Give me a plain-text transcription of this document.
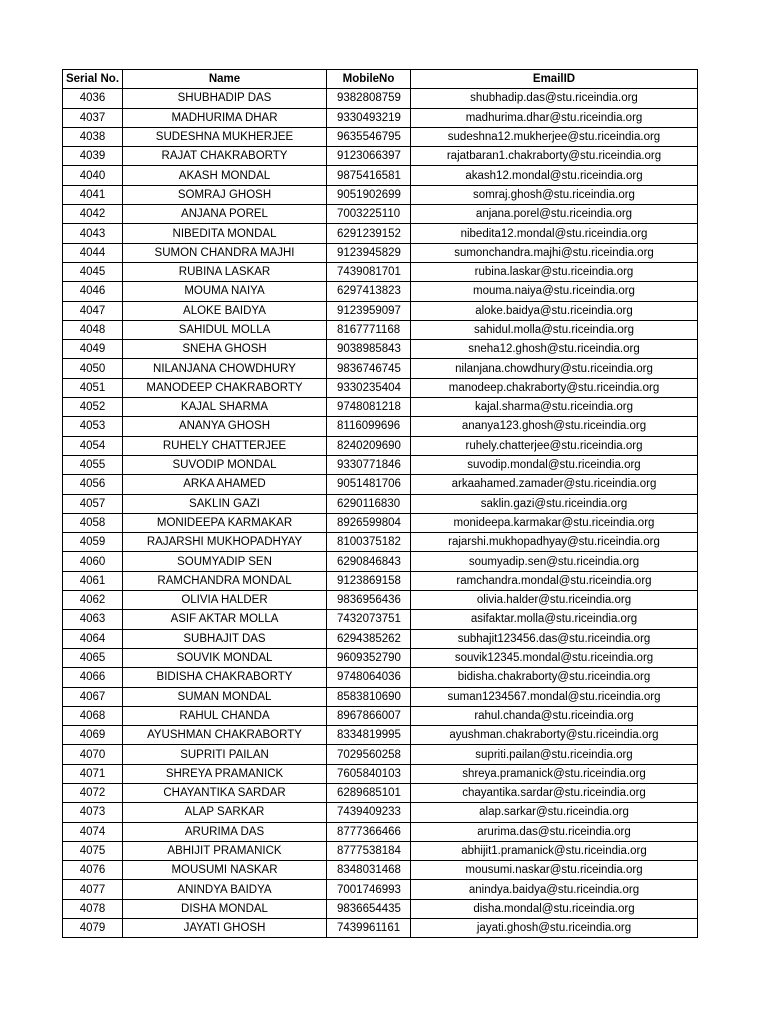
Serial No.	Name	MobileNo	EmailID
4036	SHUBHADIP DAS	9382808759	shubhadip.das@stu.riceindia.org
4037	MADHURIMA DHAR	9330493219	madhurima.dhar@stu.riceindia.org
4038	SUDESHNA MUKHERJEE	9635546795	sudeshna12.mukherjee@stu.riceindia.org
4039	RAJAT CHAKRABORTY	9123066397	rajatbaran1.chakraborty@stu.riceindia.org
4040	AKASH MONDAL	9875416581	akash12.mondal@stu.riceindia.org
4041	SOMRAJ GHOSH	9051902699	somraj.ghosh@stu.riceindia.org
4042	ANJANA POREL	7003225110	anjana.porel@stu.riceindia.org
4043	NIBEDITA MONDAL	6291239152	nibedita12.mondal@stu.riceindia.org
4044	SUMON CHANDRA MAJHI	9123945829	sumonchandra.majhi@stu.riceindia.org
4045	RUBINA LASKAR	7439081701	rubina.laskar@stu.riceindia.org
4046	MOUMA NAIYA	6297413823	mouma.naiya@stu.riceindia.org
4047	ALOKE BAIDYA	9123959097	aloke.baidya@stu.riceindia.org
4048	SAHIDUL MOLLA	8167771168	sahidul.molla@stu.riceindia.org
4049	SNEHA GHOSH	9038985843	sneha12.ghosh@stu.riceindia.org
4050	NILANJANA CHOWDHURY	9836746745	nilanjana.chowdhury@stu.riceindia.org
4051	MANODEEP CHAKRABORTY	9330235404	manodeep.chakraborty@stu.riceindia.org
4052	KAJAL SHARMA	9748081218	kajal.sharma@stu.riceindia.org
4053	ANANYA GHOSH	8116099696	ananya123.ghosh@stu.riceindia.org
4054	RUHELY CHATTERJEE	8240209690	ruhely.chatterjee@stu.riceindia.org
4055	SUVODIP MONDAL	9330771846	suvodip.mondal@stu.riceindia.org
4056	ARKA AHAMED	9051481706	arkaahamed.zamader@stu.riceindia.org
4057	SAKLIN GAZI	6290116830	saklin.gazi@stu.riceindia.org
4058	MONIDEEPA KARMAKAR	8926599804	monideepa.karmakar@stu.riceindia.org
4059	RAJARSHI MUKHOPADHYAY	8100375182	rajarshi.mukhopadhyay@stu.riceindia.org
4060	SOUMYADIP SEN	6290846843	soumyadip.sen@stu.riceindia.org
4061	RAMCHANDRA MONDAL	9123869158	ramchandra.mondal@stu.riceindia.org
4062	OLIVIA HALDER	9836956436	olivia.halder@stu.riceindia.org
4063	ASIF AKTAR MOLLA	7432073751	asifaktar.molla@stu.riceindia.org
4064	SUBHAJIT DAS	6294385262	subhajit123456.das@stu.riceindia.org
4065	SOUVIK MONDAL	9609352790	souvik12345.mondal@stu.riceindia.org
4066	BIDISHA CHAKRABORTY	9748064036	bidisha.chakraborty@stu.riceindia.org
4067	SUMAN MONDAL	8583810690	suman1234567.mondal@stu.riceindia.org
4068	RAHUL CHANDA	8967866007	rahul.chanda@stu.riceindia.org
4069	AYUSHMAN CHAKRABORTY	8334819995	ayushman.chakraborty@stu.riceindia.org
4070	SUPRITI PAILAN	7029560258	supriti.pailan@stu.riceindia.org
4071	SHREYA PRAMANICK	7605840103	shreya.pramanick@stu.riceindia.org
4072	CHAYANTIKA SARDAR	6289685101	chayantika.sardar@stu.riceindia.org
4073	ALAP SARKAR	7439409233	alap.sarkar@stu.riceindia.org
4074	ARURIMA DAS	8777366466	arurima.das@stu.riceindia.org
4075	ABHIJIT PRAMANICK	8777538184	abhijit1.pramanick@stu.riceindia.org
4076	MOUSUMI NASKAR	8348031468	mousumi.naskar@stu.riceindia.org
4077	ANINDYA BAIDYA	7001746993	anindya.baidya@stu.riceindia.org
4078	DISHA MONDAL	9836654435	disha.mondal@stu.riceindia.org
4079	JAYATI GHOSH	7439961161	jayati.ghosh@stu.riceindia.org
